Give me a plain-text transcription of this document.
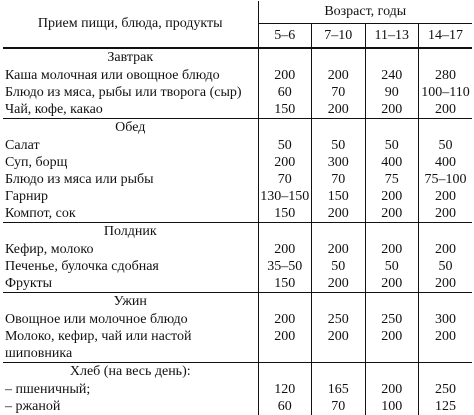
Прием пищи, блюда, продукты	Возраст, годы			
	5–6	7–10	11–13	14–17
Завтрак				
Каша молочная или овощное блюдо	200	200	240	280
Блюдо из мяса, рыбы или творога (сыр)	60	70	90	100–110
Чай, кофе, какао	150	200	200	200
Обед				
Салат	50	50	50	50
Суп, борщ	200	300	400	400
Блюдо из мяса или рыбы	70	70	75	75–100
Гарнир	130–150	150	200	200
Компот, сок	150	200	200	200
Полдник				
Кефир, молоко	200	200	200	200
Печенье, булочка сдобная	35–50	50	50	50
Фрукты	150	200	200	200
Ужин				
Овощное или молочное блюдо	200	250	250	300
Молоко, кефир, чай или настой	200	200	200	200
шиповника				
Хлеб (на весь день):				
– пшеничный;	120	165	200	250
– ржаной	60	70	100	125
